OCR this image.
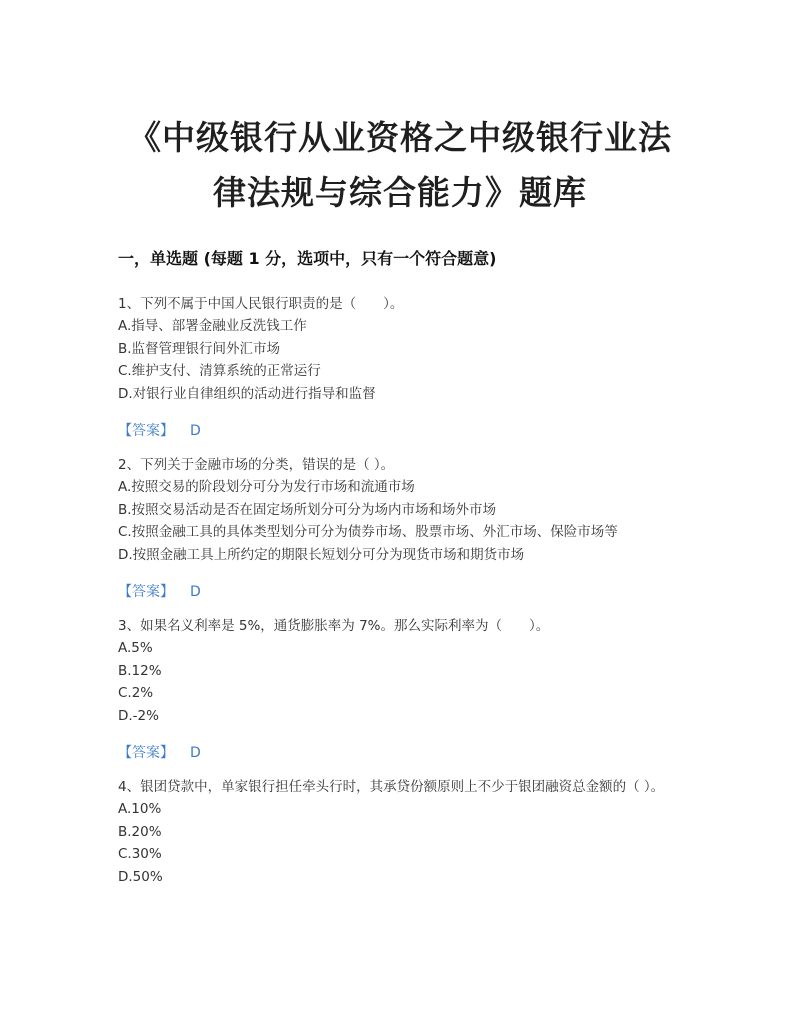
《中级银行从业资格之中级银行业法
律法规与综合能力》题库
一，单选题 (每题 1 分，选项中，只有一个符合题意)
1、下列不属于中国人民银行职责的是（　　）。
A.指导、部署金融业反洗钱工作
B.监督管理银行间外汇市场
C.维护支付、清算系统的正常运行
D.对银行业自律组织的活动进行指导和监督
【答案】 D
2、下列关于金融市场的分类，错误的是（ ）。
A.按照交易的阶段划分可分为发行市场和流通市场
B.按照交易活动是否在固定场所划分可分为场内市场和场外市场
C.按照金融工具的具体类型划分可分为债券市场、股票市场、外汇市场、保险市场等
D.按照金融工具上所约定的期限长短划分可分为现货市场和期货市场
【答案】 D
3、如果名义利率是 5%，通货膨胀率为 7%。那么实际利率为（　　）。
A.5%
B.12%
C.2%
D.-2%
【答案】 D
4、银团贷款中，单家银行担任牵头行时，其承贷份额原则上不少于银团融资总金额的（ ）。
A.10%
B.20%
C.30%
D.50%
